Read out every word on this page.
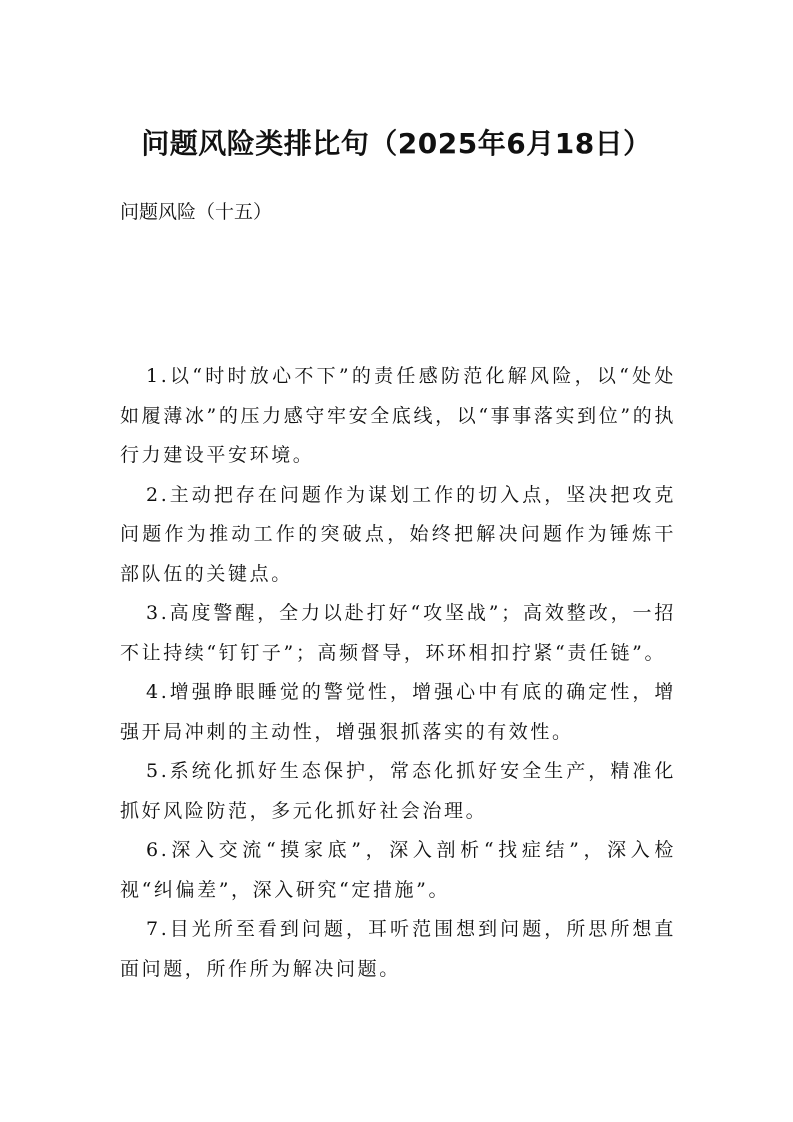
问题风险类排比句（2025年6月18日）
问题风险（十五）

1.以“时时放心不下”的责任感防范化解风险，以“处处如履薄冰”的压力感守牢安全底线，以“事事落实到位”的执行力建设平安环境。

2.主动把存在问题作为谋划工作的切入点，坚决把攻克问题作为推动工作的突破点，始终把解决问题作为锤炼干部队伍的关键点。

3.高度警醒，全力以赴打好“攻坚战”；高效整改，一招不让持续“钉钉子”；高频督导，环环相扣拧紧“责任链”。

4.增强睁眼睡觉的警觉性，增强心中有底的确定性，增强开局冲刺的主动性，增强狠抓落实的有效性。

5.系统化抓好生态保护，常态化抓好安全生产，精准化抓好风险防范，多元化抓好社会治理。

6.深入交流“摸家底”，深入剖析“找症结”，深入检视“纠偏差”，深入研究“定措施”。

7.目光所至看到问题，耳听范围想到问题，所思所想直面问题，所作所为解决问题。
